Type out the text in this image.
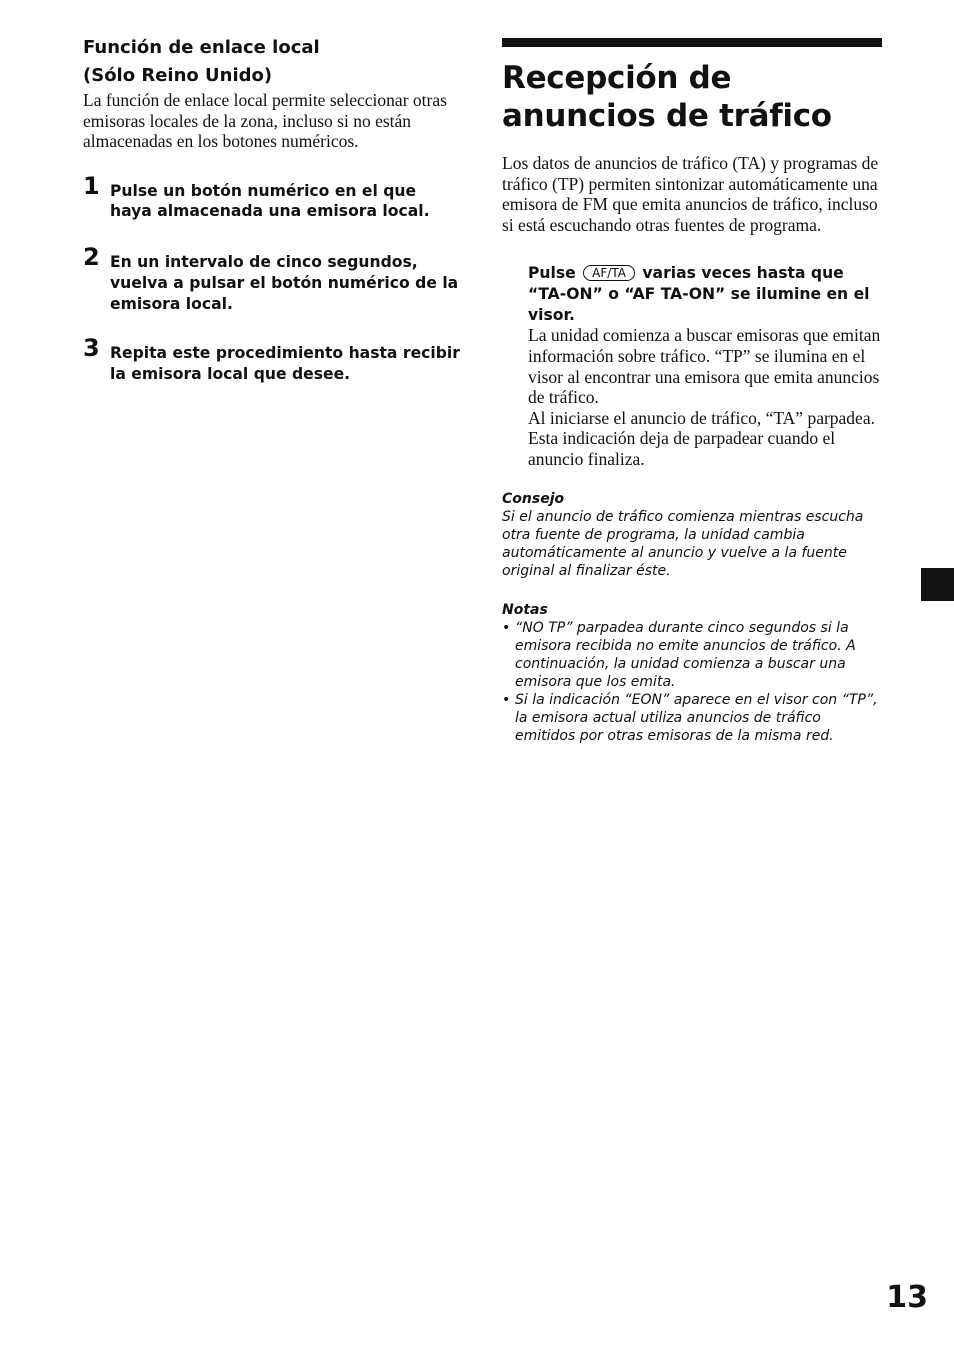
Función de enlace local
(Sólo Reino Unido)

La función de enlace local permite seleccionar otras emisoras locales de la zona, incluso si no están almacenadas en los botones numéricos.

1 Pulse un botón numérico en el que haya almacenada una emisora local.
2 En un intervalo de cinco segundos, vuelva a pulsar el botón numérico de la emisora local.
3 Repita este procedimiento hasta recibir la emisora local que desee.
Recepción de anuncios de tráfico

Los datos de anuncios de tráfico (TA) y programas de tráfico (TP) permiten sintonizar automáticamente una emisora de FM que emita anuncios de tráfico, incluso si está escuchando otras fuentes de programa.

Pulse AF/TA varias veces hasta que “TA-ON” o “AF TA-ON” se ilumine en el visor.

La unidad comienza a buscar emisoras que emitan información sobre tráfico. “TP” se ilumina en el visor al encontrar una emisora que emita anuncios de tráfico.

Al iniciarse el anuncio de tráfico, “TA” parpadea. Esta indicación deja de parpadear cuando el anuncio finaliza.

Consejo

Si el anuncio de tráfico comienza mientras escucha otra fuente de programa, la unidad cambia automáticamente al anuncio y vuelve a la fuente original al finalizar éste.

Notas

• “NO TP” parpadea durante cinco segundos si la emisora recibida no emite anuncios de tráfico. A continuación, la unidad comienza a buscar una emisora que los emita.
• Si la indicación “EON” aparece en el visor con “TP”, la emisora actual utiliza anuncios de tráfico emitidos por otras emisoras de la misma red.
13
